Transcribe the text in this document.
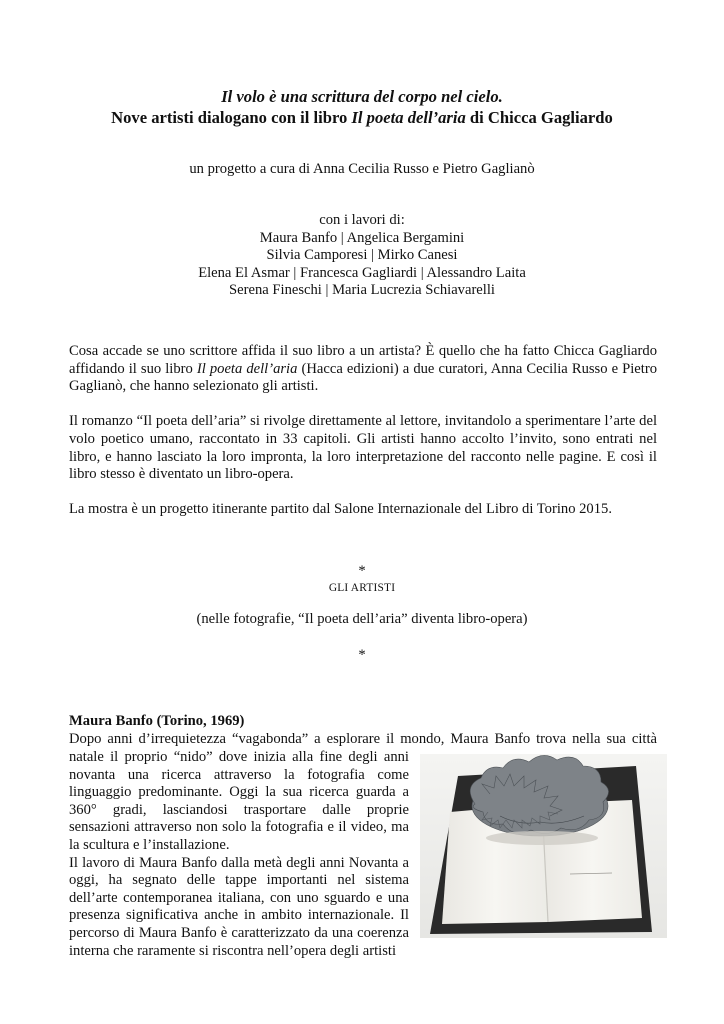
Il volo è una scrittura del corpo nel cielo.
Nove artisti dialogano con il libro Il poeta dell’aria di Chicca Gagliardo
un progetto a cura di Anna Cecilia Russo e Pietro Gaglianò
con i lavori di:
Maura Banfo | Angelica Bergamini
Silvia Camporesi | Mirko Canesi
Elena El Asmar | Francesca Gagliardi | Alessandro Laita
Serena Fineschi | Maria Lucrezia Schiavarelli

Cosa accade se uno scrittore affida il suo libro a un artista? È quello che ha fatto Chicca Gagliardo affidando il suo libro Il poeta dell’aria (Hacca edizioni) a due curatori, Anna Cecilia Russo e Pietro Gaglianò, che hanno selezionato gli artisti.

Il romanzo “Il poeta dell’aria” si rivolge direttamente al lettore, invitandolo a sperimentare l’arte del volo poetico umano, raccontato in 33 capitoli. Gli artisti hanno accolto l’invito, sono entrati nel libro, e hanno lasciato la loro impronta, la loro interpretazione del racconto nelle pagine. E così il libro stesso è diventato un libro-opera.

La mostra è un progetto itinerante partito dal Salone Internazionale del Libro di Torino 2015.

*
GLI ARTISTI
(nelle fotografie, “Il poeta dell’aria” diventa libro-opera)
*
Maura Banfo (Torino, 1969)
Dopo anni d’irrequietezza “vagabonda” a esplorare il mondo, Maura Banfo trova nella sua città

natale il proprio “nido” dove inizia alla fine degli anni novanta una ricerca attraverso la fotografia come linguaggio predominante. Oggi la sua ricerca guarda a 360° gradi, lasciandosi trasportare dalle proprie sensazioni attraverso non solo la fotografia e il video, ma la scultura e l’installazione.

Il lavoro di Maura Banfo dalla metà degli anni Novanta a oggi, ha segnato delle tappe importanti nel sistema dell’arte contemporanea italiana, con uno sguardo e una presenza significativa anche in ambito internazionale. Il percorso di Maura Banfo è caratterizzato da una coerenza interna che raramente si riscontra nell’opera degli artisti
